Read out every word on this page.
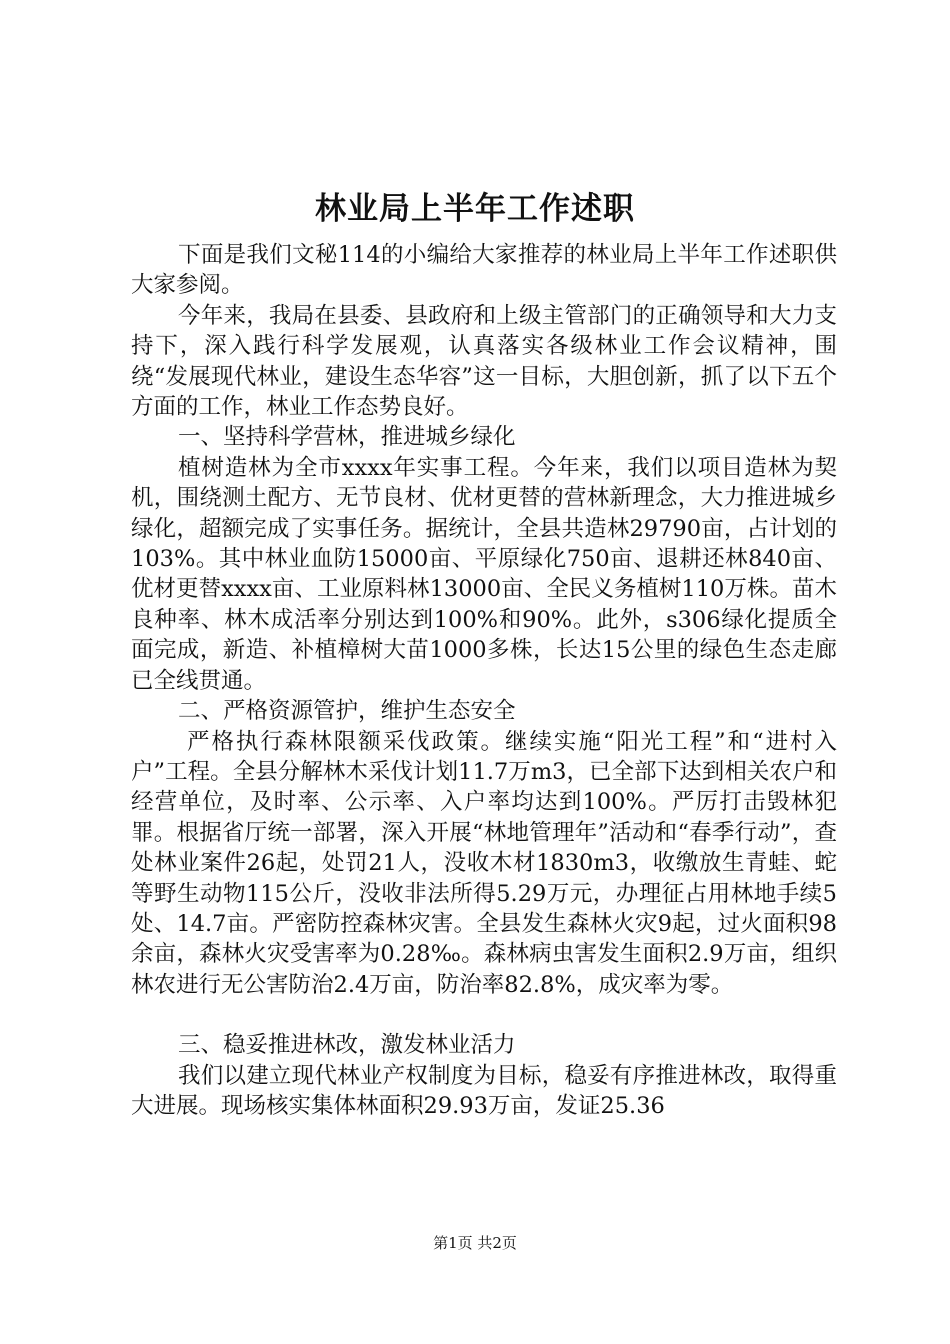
林业局上半年工作述职

下面是我们文秘114的小编给大家推荐的林业局上半年工作述职供大家参阅。

今年来，我局在县委、县政府和上级主管部门的正确领导和大力支持下，深入践行科学发展观，认真落实各级林业工作会议精神，围绕“发展现代林业，建设生态华容”这一目标，大胆创新，抓了以下五个方面的工作，林业工作态势良好。

一、坚持科学营林，推进城乡绿化

植树造林为全市xxxx年实事工程。今年来，我们以项目造林为契机，围绕测土配方、无节良材、优材更替的营林新理念，大力推进城乡绿化，超额完成了实事任务。据统计，全县共造林29790亩，占计划的103%。其中林业血防15000亩、平原绿化750亩、退耕还林840亩、优材更替xxxx亩、工业原料林13000亩、全民义务植树110万株。苗木良种率、林木成活率分别达到100%和90%。此外，s306绿化提质全面完成，新造、补植樟树大苗1000多株，长达15公里的绿色生态走廊已全线贯通。

二、严格资源管护，维护生态安全

严格执行森林限额采伐政策。继续实施“阳光工程”和“进村入户”工程。全县分解林木采伐计划11.7万m3，已全部下达到相关农户和经营单位，及时率、公示率、入户率均达到100%。严厉打击毁林犯罪。根据省厅统一部署，深入开展“林地管理年”活动和“春季行动”，查处林业案件26起，处罚21人，没收木材1830m3，收缴放生青蛙、蛇等野生动物115公斤，没收非法所得5.29万元，办理征占用林地手续5处、14.7亩。严密防控森林灾害。全县发生森林火灾9起，过火面积98余亩，森林火灾受害率为0.28‰。森林病虫害发生面积2.9万亩，组织林农进行无公害防治2.4万亩，防治率82.8%，成灾率为零。

三、稳妥推进林改，激发林业活力

我们以建立现代林业产权制度为目标，稳妥有序推进林改，取得重大进展。现场核实集体林面积29.93万亩，发证25.36

第1页 共2页
